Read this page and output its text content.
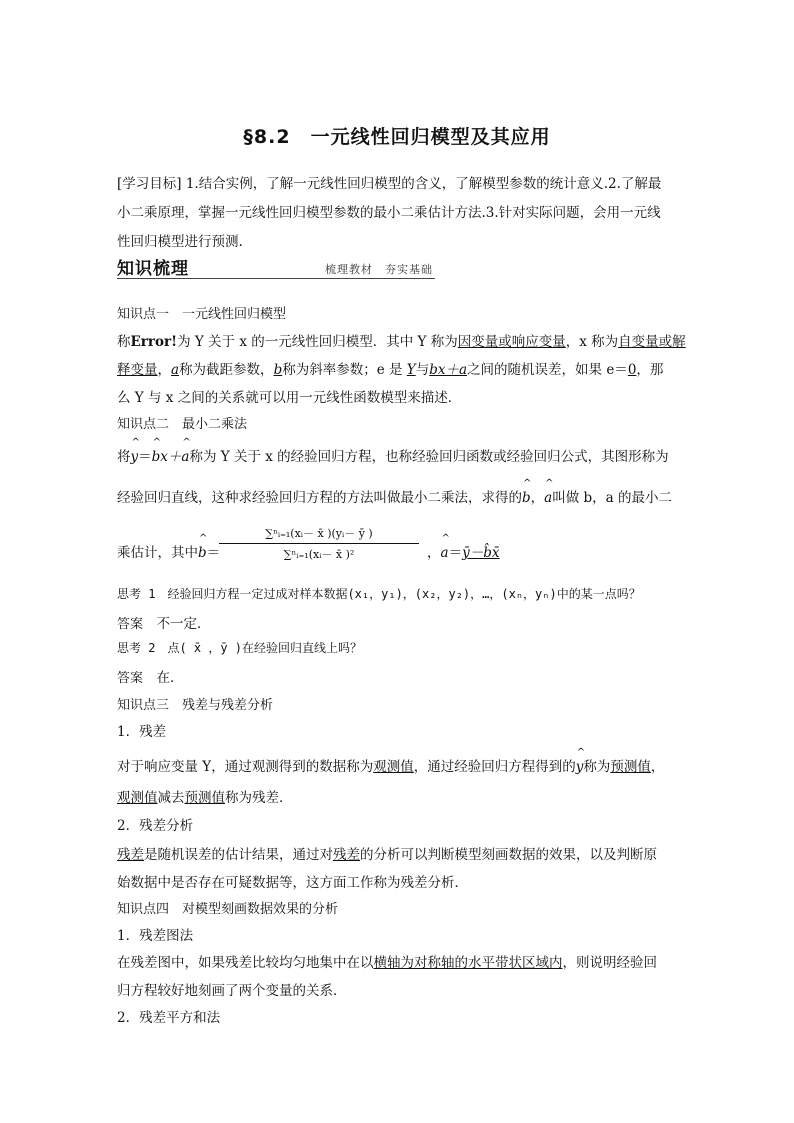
§8.2　一元线性回归模型及其应用
[学习目标] 1.结合实例，了解一元线性回归模型的含义，了解模型参数的统计意义.2.了解最
小二乘原理，掌握一元线性回归模型参数的最小二乘估计方法.3.针对实际问题，会用一元线
性回归模型进行预测.
知识梳理	梳理教材　夯实基础
知识点一　一元线性回归模型
称Error!为 Y 关于 x 的一元线性回归模型．其中 Y 称为因变量或响应变量，x 称为自变量或解
释变量，a称为截距参数，b称为斜率参数；e 是 Y与bx＋a之间的随机误差，如果 e＝0，那
么 Y 与 x 之间的关系就可以用一元线性函数模型来描述．
知识点二　最小二乘法
将^ y＝^ bx＋^ a称为 Y 关于 x 的经验回归方程，也称经验回归函数或经验回归公式，其图形称为
经验回归直线，这种求经验回归方程的方法叫做最小二乘法，求得的^ b，^ a叫做 b，a 的最小二
乘估计，其中^ b＝
∑ⁿᵢ₌₁(xᵢ－ x̄ )(yᵢ－ ȳ )
∑ⁿᵢ₌₁(xᵢ－ x̄ )²	，^ a＝ȳ－b̂x̄
思考 1　经验回归方程一定过成对样本数据(x₁，y₁)，(x₂，y₂)，…，(xₙ，yₙ)中的某一点吗？
答案　 不一定．
思考 2　点( x̄ ，ȳ )在经验回归直线上吗？
答案　 在．
知识点三　残差与残差分析
1．残差
对于响应变量 Y，通过观测得到的数据称为观测值，通过经验回归方程得到的^ y称为预测值，
观测值减去预测值称为残差．
2．残差分析
残差是随机误差的估计结果，通过对残差的分析可以判断模型刻画数据的效果，以及判断原
始数据中是否存在可疑数据等，这方面工作称为残差分析．
知识点四　对模型刻画数据效果的分析
1．残差图法
在残差图中，如果残差比较均匀地集中在以横轴为对称轴的水平带状区域内，则说明经验回
归方程较好地刻画了两个变量的关系．
2．残差平方和法
